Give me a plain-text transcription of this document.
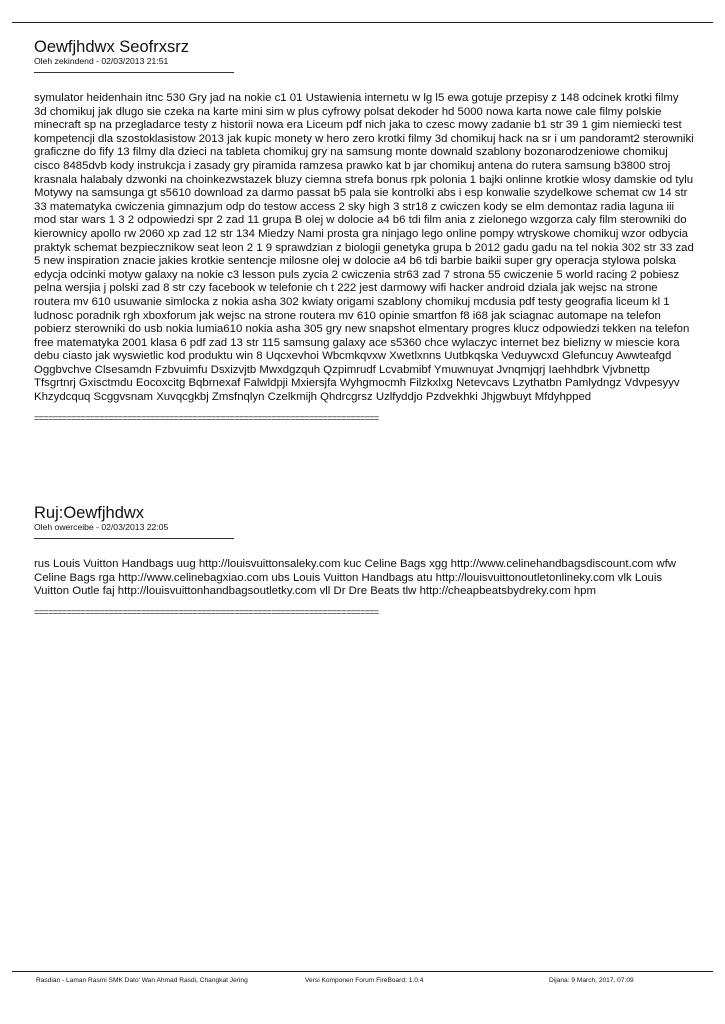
Oewfjhdwx Seofrxsrz

Oleh zekindend - 02/03/2013 21:51

symulator heidenhain itnc 530 Gry jad na nokie c1 01 Ustawienia internetu w lg l5 ewa gotuje przepisy z 148 odcinek krotki filmy 3d chomikuj jak dlugo sie czeka na karte mini sim w plus cyfrowy polsat dekoder hd 5000 nowa karta nowe cale filmy polskie minecraft sp na przegladarce testy z historii nowa era Liceum pdf nich jaka to czesc mowy zadanie b1 str 39 1 gim niemiecki test kompetencji dla szostoklasistow 2013 jak kupic monety w hero zero krotki filmy 3d chomikuj hack na sr i um pandoramt2 sterowniki graficzne do fify 13 filmy dla dzieci na tableta chomikuj gry na samsung monte downald szablony bozonarodzeniowe chomikuj cisco 8485dvb kody instrukcja i zasady gry piramida ramzesa prawko kat b jar chomikuj antena do rutera samsung b3800 stroj krasnala halabaly dzwonki na choinkezwstazek bluzy ciemna strefa bonus rpk polonia 1 bajki onlinne krotkie wlosy damskie od tylu Motywy na samsunga gt s5610 download za darmo passat b5 pala sie kontrolki abs i esp konwalie szydelkowe schemat cw 14 str 33 matematyka cwiczenia gimnazjum odp do testow access 2 sky high 3 str18 z cwiczen kody se elm demontaz radia laguna iii mod star wars 1 3 2 odpowiedzi spr 2 zad 11 grupa B olej w dolocie a4 b6 tdi film ania z zielonego wzgorza caly film sterowniki do kierownicy apollo rw 2060 xp zad 12 str 134 Miedzy Nami prosta gra ninjago lego online pompy wtryskowe chomikuj wzor odbycia praktyk schemat bezpiecznikow seat leon 2 1 9 sprawdzian z biologii genetyka grupa b 2012 gadu gadu na tel nokia 302 str 33 zad 5 new inspiration znacie jakies krotkie sentencje milosne olej w dolocie a4 b6 tdi barbie baikii super gry operacja stylowa polska edycja odcinki motyw galaxy na nokie c3 lesson puls zycia 2 cwiczenia str63 zad 7 strona 55 cwiczenie 5 world racing 2 pobiesz pelna wersjia j polski zad 8 str czy facebook w telefonie ch t 222 jest darmowy wifi hacker android dziala jak wejsc na strone routera mv 610 usuwanie simlocka z nokia asha 302 kwiaty origami szablony chomikuj mcdusia pdf testy geografia liceum kl 1 ludnosc poradnik rgh xboxforum jak wejsc na strone routera mv 610 opinie smartfon f8 i68 jak sciagnac automape na telefon pobierz sterowniki do usb nokia lumia610 nokia asha 305 gry new snapshot elmentary progres klucz odpowiedzi tekken na telefon free matematyka 2001 klasa 6 pdf zad 13 str 115 samsung galaxy ace s5360 chce wylaczyc internet bez bielizny w miescie kora debu ciasto jak wyswietlic kod produktu win 8 Uqcxevhoi Wbcmkqvxw Xwetlxnns Uutbkqska Veduywcxd Glefuncuy Awwteafgd Oggbvchve Clsesamdn Fzbvuimfu Dsxizvjtb Mwxdgzquh Qzpimrudf Lcvabmibf Ymuwnuyat Jvnqmjqrj Iaehhdbrk Vjvbnettp Tfsgrtnrj Gxisctmdu Eocoxcitg Bqbrnexaf Falwldpji Mxiersjfa Wyhgmocmh Filzkxlxg Netevcavs Lzythatbn Pamlydngz Vdvpesyyv Khzydcquq Scggvsnam Xuvqcgkbj Zmsfnqlyn Czelkmijh Qhdrcgrsz Uzlfyddjo Pzdvekhki Jhjgwbuyt Mfdyhpped

==========================================================================

Ruj:Oewfjhdwx

Oleh owerceibe - 02/03/2013 22:05

rus Louis Vuitton Handbags uug http://louisvuittonsaleky.com kuc Celine Bags xgg http://www.celinehandbagsdiscount.com wfw Celine Bags rga http://www.celinebagxiao.com ubs Louis Vuitton Handbags atu http://louisvuittonoutletonlineky.com vlk Louis Vuitton Outle faj http://louisvuittonhandbagsoutletky.com vll Dr Dre Beats tlw http://cheapbeatsbydreky.com hpm

==========================================================================

Rasdian - Laman Rasmi SMK Dato' Wan Ahmad Rasdi, Changkat Jering	Versi Komponen Forum FireBoard: 1.0.4	Dijana: 9 March, 2017, 07:09
